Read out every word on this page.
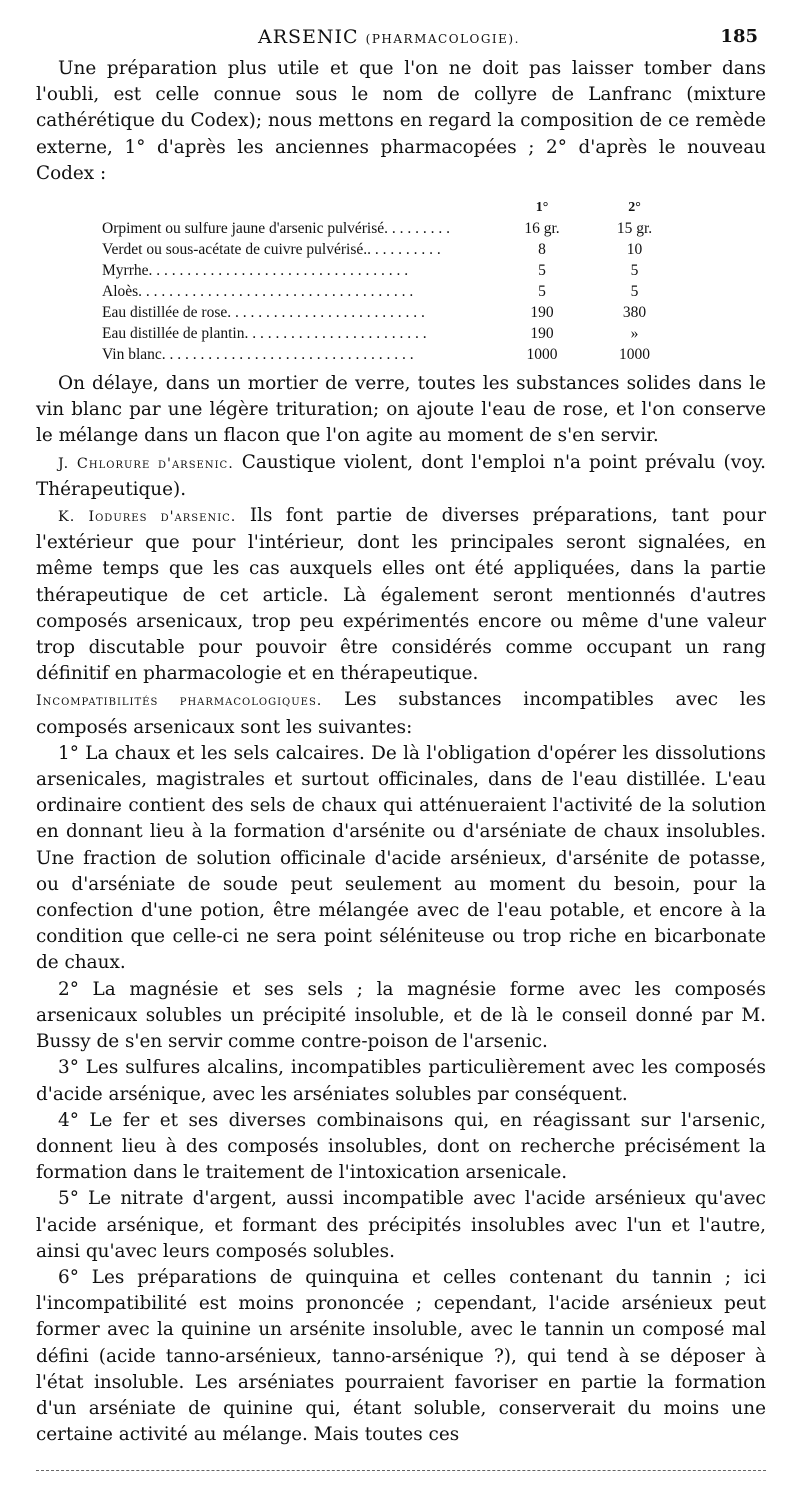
ARSENIC (PHARMACOLOGIE).	185

Une préparation plus utile et que l'on ne doit pas laisser tomber dans l'oubli, est celle connue sous le nom de collyre de Lanfranc (mixture cathérétique du Codex); nous mettons en regard la composition de ce remède externe, 1° d'après les anciennes pharmacopées ; 2° d'après le nouveau Codex :

1°	2°
Orpiment ou sulfure jaune d'arsenic pulvérisé. . . . . . . . .	16 gr.	15 gr.
Verdet ou sous-acétate de cuivre pulvérisé.. . . . . . . . . .	8	10
Myrrhe. . . . . . . . . . . . . . . . . . . . . . . . . . . . . . . . . .	5	5
Aloès. . . . . . . . . . . . . . . . . . . . . . . . . . . . . . . . . . . .	5	5
Eau distillée de rose. . . . . . . . . . . . . . . . . . . . . . . . . .	190	380
Eau distillée de plantin. . . . . . . . . . . . . . . . . . . . . . . .	190	»
Vin blanc. . . . . . . . . . . . . . . . . . . . . . . . . . . . . . . . .	1000	1000

On délaye, dans un mortier de verre, toutes les substances solides dans le vin blanc par une légère trituration; on ajoute l'eau de rose, et l'on conserve le mélange dans un flacon que l'on agite au moment de s'en servir.

J. Chlorure d'arsenic. Caustique violent, dont l'emploi n'a point prévalu (voy. Thérapeutique).

K. Iodures d'arsenic. Ils font partie de diverses préparations, tant pour l'extérieur que pour l'intérieur, dont les principales seront signalées, en même temps que les cas auxquels elles ont été appliquées, dans la partie thérapeutique de cet article. Là également seront mentionnés d'autres composés arsenicaux, trop peu expérimentés encore ou même d'une valeur trop discutable pour pouvoir être considérés comme occupant un rang définitif en pharmacologie et en thérapeutique.

Incompatibilités pharmacologiques. Les substances incompatibles avec les composés arsenicaux sont les suivantes:

1° La chaux et les sels calcaires. De là l'obligation d'opérer les dissolutions arsenicales, magistrales et surtout officinales, dans de l'eau distillée. L'eau ordinaire contient des sels de chaux qui atténueraient l'activité de la solution en donnant lieu à la formation d'arsénite ou d'arséniate de chaux insolubles. Une fraction de solution officinale d'acide arsénieux, d'arsénite de potasse, ou d'arséniate de soude peut seulement au moment du besoin, pour la confection d'une potion, être mélangée avec de l'eau potable, et encore à la condition que celle-ci ne sera point séléniteuse ou trop riche en bicarbonate de chaux.

2° La magnésie et ses sels ; la magnésie forme avec les composés arsenicaux solubles un précipité insoluble, et de là le conseil donné par M. Bussy de s'en servir comme contre-poison de l'arsenic.

3° Les sulfures alcalins, incompatibles particulièrement avec les composés d'acide arsénique, avec les arséniates solubles par conséquent.

4° Le fer et ses diverses combinaisons qui, en réagissant sur l'arsenic, donnent lieu à des composés insolubles, dont on recherche précisément la formation dans le traitement de l'intoxication arsenicale.

5° Le nitrate d'argent, aussi incompatible avec l'acide arsénieux qu'avec l'acide arsénique, et formant des précipités insolubles avec l'un et l'autre, ainsi qu'avec leurs composés solubles.

6° Les préparations de quinquina et celles contenant du tannin ; ici l'incompatibilité est moins prononcée ; cependant, l'acide arsénieux peut former avec la quinine un arsénite insoluble, avec le tannin un composé mal défini (acide tanno-arsénieux, tanno-arsénique ?), qui tend à se déposer à l'état insoluble. Les arséniates pourraient favoriser en partie la formation d'un arséniate de quinine qui, étant soluble, conserverait du moins une certaine activité au mélange. Mais toutes ces
